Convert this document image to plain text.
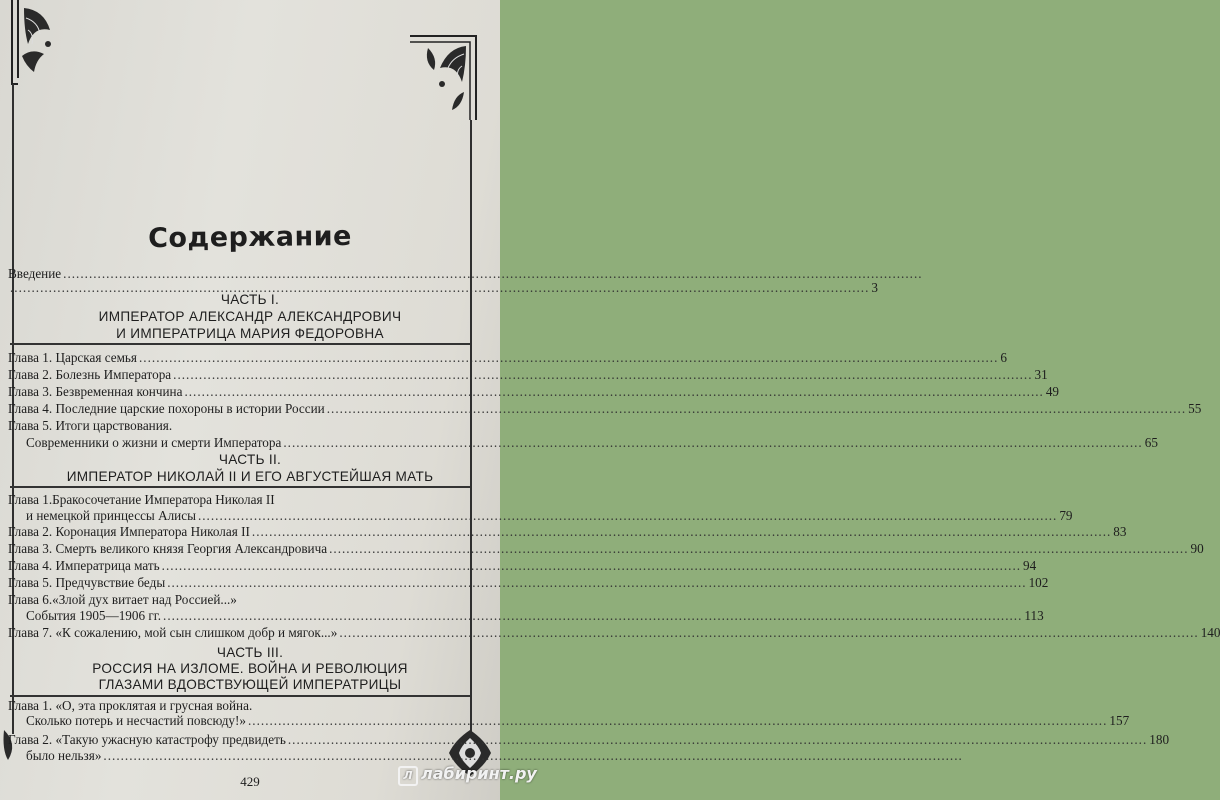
Содержание
Введение ........................................................................................................................................................................................................
........................................................................................................................................................................................................ 3
ЧАСТЬ I.
ИМПЕРАТОР АЛЕКСАНДР АЛЕКСАНДРОВИЧ
И ИМПЕРАТРИЦА МАРИЯ ФЕДОРОВНА
Глава 1. Царская семья ........................................................................................................................................................................................................ 6
Глава 2. Болезнь Императора ........................................................................................................................................................................................................ 31
Глава 3. Безвременная кончина ........................................................................................................................................................................................................ 49
Глава 4. Последние царские похороны в истории России ........................................................................................................................................................................................................ 55
Глава 5. Итоги царствования.
Современники о жизни и смерти Императора ........................................................................................................................................................................................................ 65
ЧАСТЬ II.
ИМПЕРАТОР НИКОЛАЙ II И ЕГО АВГУСТЕЙШАЯ МАТЬ
Глава 1.Бракосочетание Императора Николая II
и немецкой принцессы Алисы ........................................................................................................................................................................................................ 79
Глава 2. Коронация Императора Николая II ........................................................................................................................................................................................................ 83
Глава 3. Смерть великого князя Георгия Александровича ........................................................................................................................................................................................................ 90
Глава 4. Императрица мать ........................................................................................................................................................................................................ 94
Глава 5. Предчувствие беды ........................................................................................................................................................................................................ 102
Глава 6.«Злой дух витает над Россией...»
События 1905—1906 гг. ........................................................................................................................................................................................................ 113
Глава 7. «К сожалению, мой сын слишком добр и мягок...» ........................................................................................................................................................................................................ 140
ЧАСТЬ III.
РОССИЯ НА ИЗЛОМЕ. ВОЙНА И РЕВОЛЮЦИЯ
ГЛАЗАМИ ВДОВСТВУЮЩЕЙ ИМПЕРАТРИЦЫ
Глава 1. «О, эта проклятая и грусная война.
Сколько потерь и несчастий повсюду!» ........................................................................................................................................................................................................ 157
Глава 2. «Такую ужасную катастрофу предвидеть ........................................................................................................................................................................................................ 180
было нельзя» ........................................................................................................................................................................................................
429	Л лабиринт.ру
